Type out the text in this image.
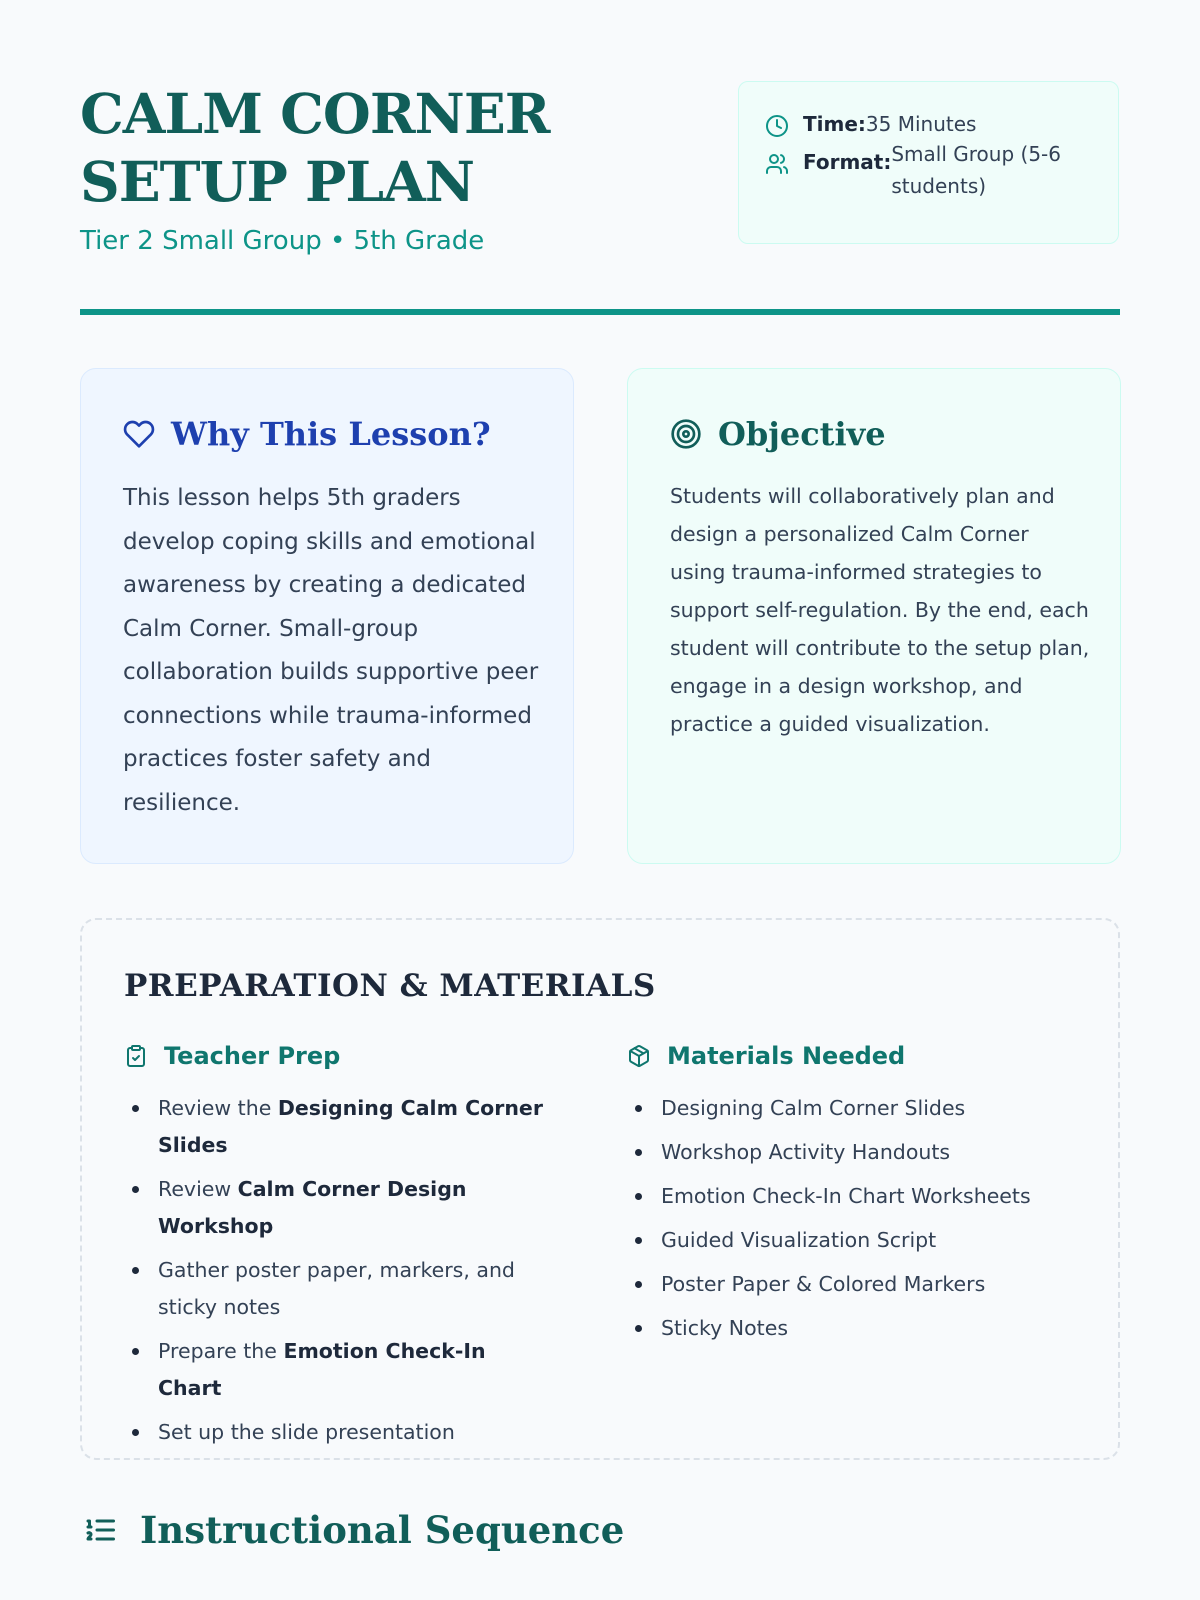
CALM CORNER SETUP PLAN

Tier 2 Small Group • 5th Grade

Time: 35 Minutes
Format: Small Group (5-6 students)
Why This Lesson?

This lesson helps 5th graders develop coping skills and emotional awareness by creating a dedicated Calm Corner. Small-group collaboration builds supportive peer connections while trauma-informed practices foster safety and resilience.

Objective

Students will collaboratively plan and design a personalized Calm Corner using trauma-informed strategies to support self-regulation. By the end, each student will contribute to the setup plan, engage in a design workshop, and practice a guided visualization.

PREPARATION & MATERIALS
Teacher Prep
Review the Designing Calm Corner Slides
Review Calm Corner Design Workshop
Gather poster paper, markers, and sticky notes
Prepare the Emotion Check-In Chart
Set up the slide presentation
Materials Needed
Designing Calm Corner Slides
Workshop Activity Handouts
Emotion Check-In Chart Worksheets
Guided Visualization Script
Poster Paper & Colored Markers
Sticky Notes
Instructional Sequence
